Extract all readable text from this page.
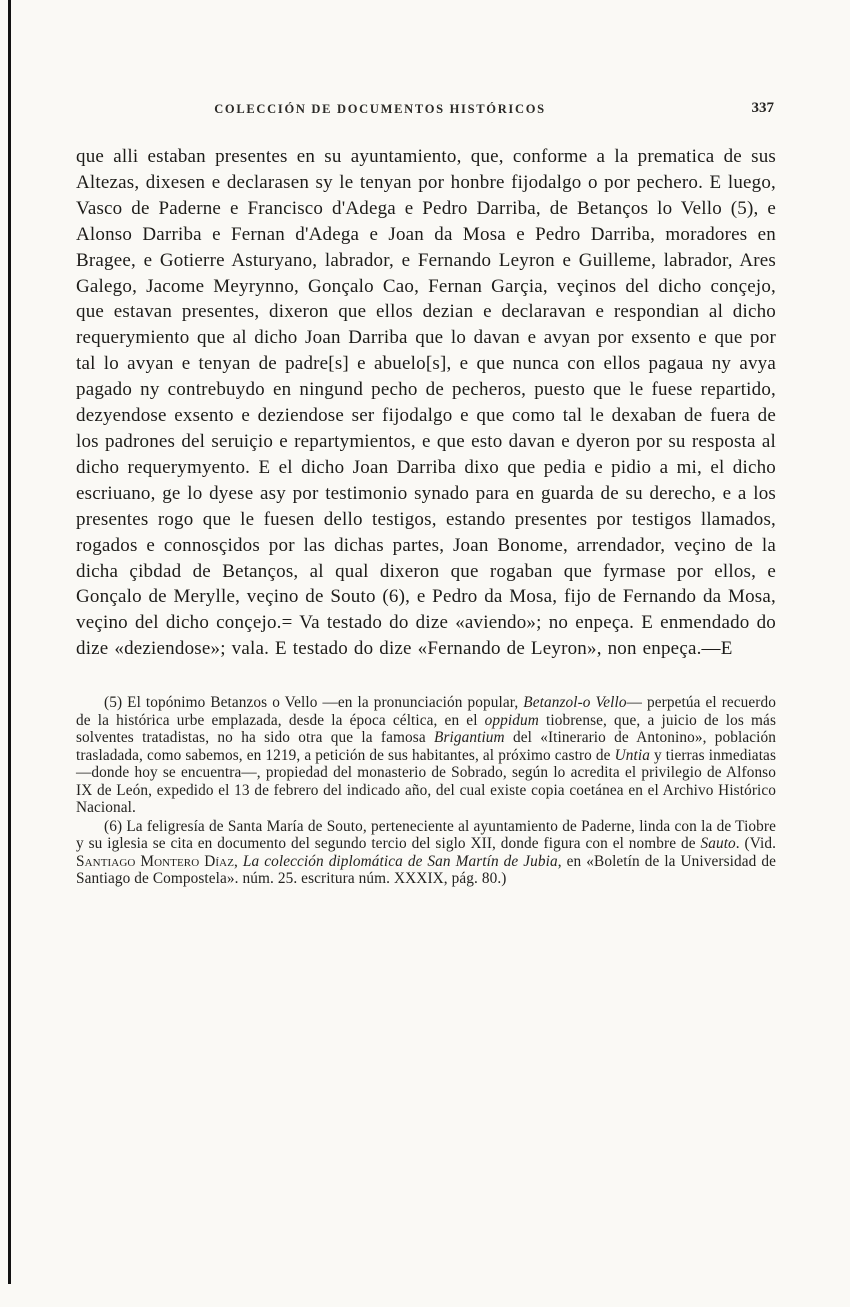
COLECCIÓN DE DOCUMENTOS HISTÓRICOS	337

que alli estaban presentes en su ayuntamiento, que, conforme a la prematica de sus Altezas, dixesen e declarasen sy le tenyan por honbre fijodalgo o por pechero. E luego, Vasco de Paderne e Francisco d'Adega e Pedro Darriba, de Betanços lo Vello (5), e Alonso Darriba e Fernan d'Adega e Joan da Mosa e Pedro Darriba, moradores en Bragee, e Gotierre Asturyano, labrador, e Fernando Leyron e Guilleme, labrador, Ares Galego, Jacome Meyrynno, Gonçalo Cao, Fernan Garçia, veçinos del dicho conçejo, que estavan presentes, dixeron que ellos dezian e declaravan e respondian al dicho requerymiento que al dicho Joan Darriba que lo davan e avyan por exsento e que por tal lo avyan e tenyan de padre[s] e abuelo[s], e que nunca con ellos pagaua ny avya pagado ny contrebuydo en ningund pecho de pecheros, puesto que le fuese repartido, dezyendose exsento e deziendose ser fijodalgo e que como tal le dexaban de fuera de los padrones del seruiçio e repartymientos, e que esto davan e dyeron por su resposta al dicho requerymyento. E el dicho Joan Darriba dixo que pedia e pidio a mi, el dicho escriuano, ge lo dyese asy por testimonio synado para en guarda de su derecho, e a los presentes rogo que le fuesen dello testigos, estando presentes por testigos llamados, rogados e connosçidos por las dichas partes, Joan Bonome, arrendador, veçino de la dicha çibdad de Betanços, al qual dixeron que rogaban que fyrmase por ellos, e Gonçalo de Merylle, veçino de Souto (6), e Pedro da Mosa, fijo de Fernando da Mosa, veçino del dicho conçejo.= Va testado do dize «aviendo»; no enpeça. E enmendado do dize «deziendose»; vala. E testado do dize «Fernando de Leyron», non enpeça.—E

(5) El topónimo Betanzos o Vello —en la pronunciación popular, Betanzol-o Vello— perpetúa el recuerdo de la histórica urbe emplazada, desde la época céltica, en el oppidum tiobrense, que, a juicio de los más solventes tratadistas, no ha sido otra que la famosa Brigantium del «Itinerario de Antonino», población trasladada, como sabemos, en 1219, a petición de sus habitantes, al próximo castro de Untia y tierras inmediatas —donde hoy se encuentra—, propiedad del monasterio de Sobrado, según lo acredita el privilegio de Alfonso IX de León, expedido el 13 de febrero del indicado año, del cual existe copia coetánea en el Archivo Histórico Nacional.

(6) La feligresía de Santa María de Souto, perteneciente al ayuntamiento de Paderne, linda con la de Tiobre y su iglesia se cita en documento del segundo tercio del siglo XII, donde figura con el nombre de Sauto. (Vid. Santiago Montero Díaz, La colección diplomática de San Martín de Jubia, en «Boletín de la Universidad de Santiago de Compostela». núm. 25. escritura núm. XXXIX, pág. 80.)
